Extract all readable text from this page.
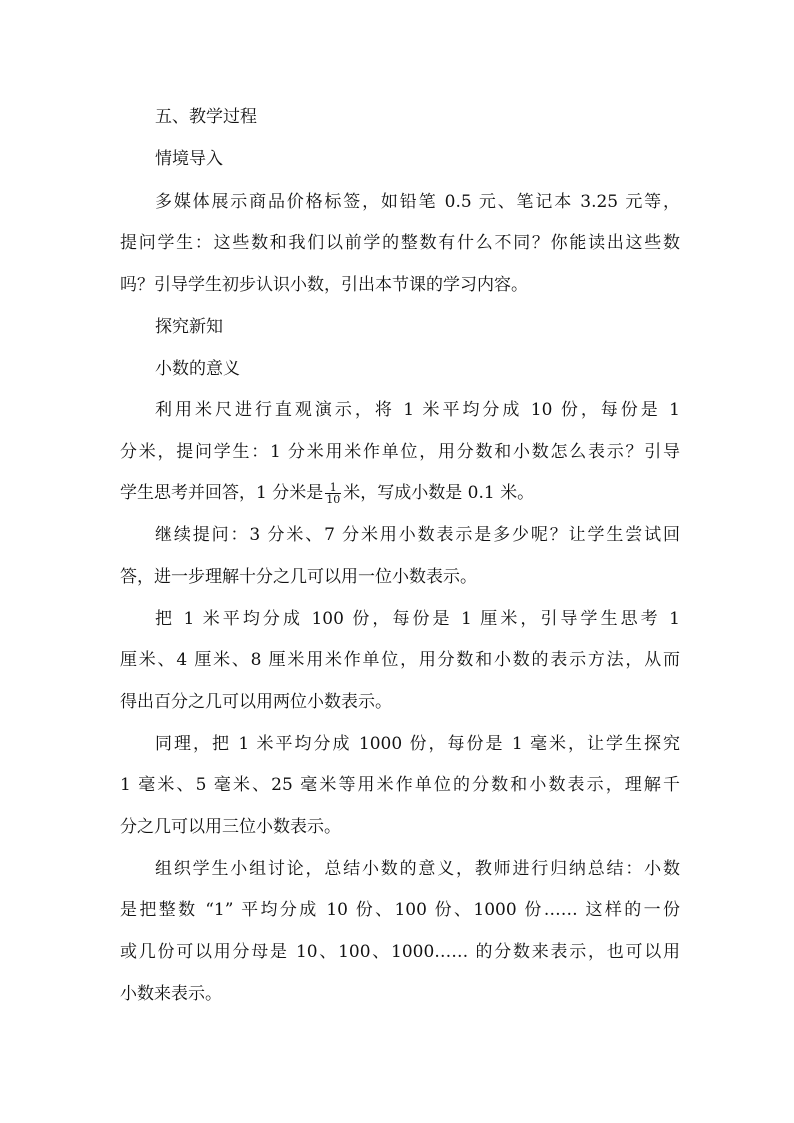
五、教学过程
情境导入
多媒体展示商品价格标签，如铅笔 0.5 元、笔记本 3.25 元等，
提问学生：这些数和我们以前学的整数有什么不同？你能读出这些数
吗？引导学生初步认识小数，引出本节课的学习内容。
探究新知
小数的意义
利用米尺进行直观演示，将 1 米平均分成 10 份，每份是 1
分米，提问学生：1 分米用米作单位，用分数和小数怎么表示？引导
学生思考并回答，1 分米是 $\frac{1}{10}$ 米，写成小数是 0.1 米。
继续提问：3 分米、7 分米用小数表示是多少呢？让学生尝试回
答，进一步理解十分之几可以用一位小数表示。
把 1 米平均分成 100 份，每份是 1 厘米，引导学生思考 1
厘米、4 厘米、8 厘米用米作单位，用分数和小数的表示方法，从而
得出百分之几可以用两位小数表示。
同理，把 1 米平均分成 1000 份，每份是 1 毫米，让学生探究
1 毫米、5 毫米、25 毫米等用米作单位的分数和小数表示，理解千
分之几可以用三位小数表示。
组织学生小组讨论，总结小数的意义，教师进行归纳总结：小数
是把整数 “1” 平均分成 10 份、100 份、1000 份…… 这样的一份
或几份可以用分母是 10、100、1000…… 的分数来表示，也可以用
小数来表示。
